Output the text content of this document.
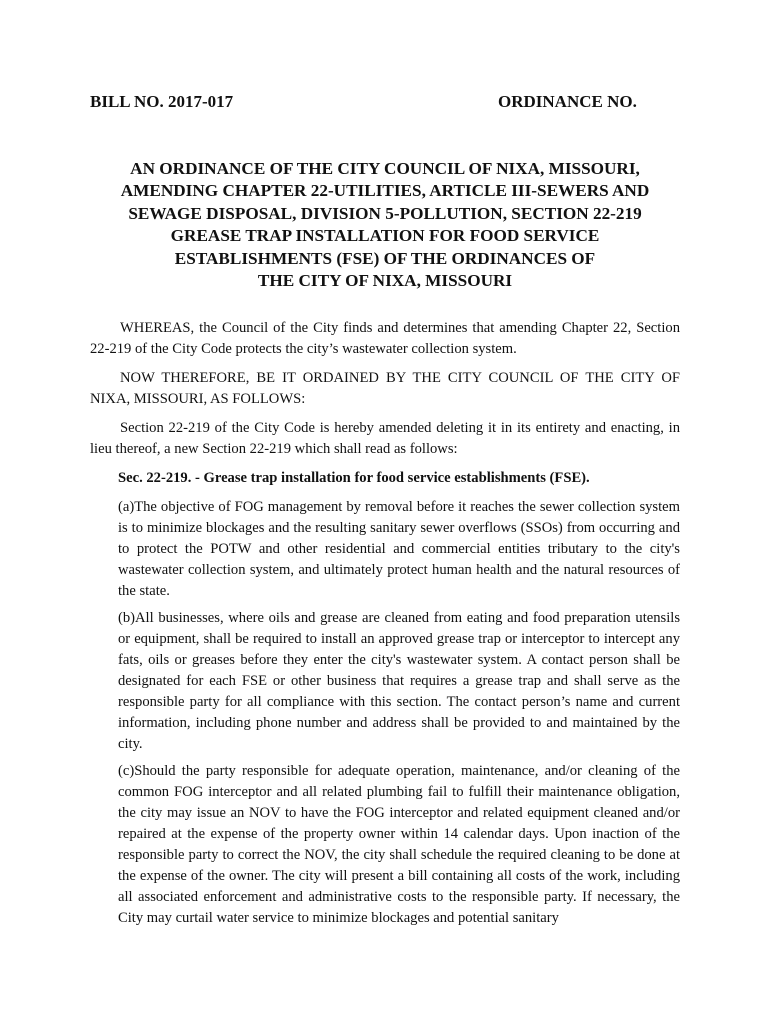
BILL NO. 2017-017	ORDINANCE NO.
AN ORDINANCE OF THE CITY COUNCIL OF NIXA, MISSOURI,
AMENDING CHAPTER 22-UTILITIES, ARTICLE III-SEWERS AND
SEWAGE DISPOSAL, DIVISION 5-POLLUTION, SECTION 22-219
GREASE TRAP INSTALLATION FOR FOOD SERVICE
ESTABLISHMENTS (FSE) OF THE ORDINANCES OF
THE CITY OF NIXA, MISSOURI

WHEREAS, the Council of the City finds and determines that amending Chapter 22, Section 22-219 of the City Code protects the city’s wastewater collection system.

NOW THEREFORE, BE IT ORDAINED BY THE CITY COUNCIL OF THE CITY OF NIXA, MISSOURI, AS FOLLOWS:

Section 22-219 of the City Code is hereby amended deleting it in its entirety and enacting, in lieu thereof, a new Section 22-219 which shall read as follows:

Sec. 22-219. - Grease trap installation for food service establishments (FSE).

(a)The objective of FOG management by removal before it reaches the sewer collection system is to minimize blockages and the resulting sanitary sewer overflows (SSOs) from occurring and to protect the POTW and other residential and commercial entities tributary to the city's wastewater collection system, and ultimately protect human health and the natural resources of the state.

(b)All businesses, where oils and grease are cleaned from eating and food preparation utensils or equipment, shall be required to install an approved grease trap or interceptor to intercept any fats, oils or greases before they enter the city's wastewater system. A contact person shall be designated for each FSE or other business that requires a grease trap and shall serve as the responsible party for all compliance with this section. The contact person’s name and current information, including phone number and address shall be provided to and maintained by the city.

(c)Should the party responsible for adequate operation, maintenance, and/or cleaning of the common FOG interceptor and all related plumbing fail to fulfill their maintenance obligation, the city may issue an NOV to have the FOG interceptor and related equipment cleaned and/or repaired at the expense of the property owner within 14 calendar days. Upon inaction of the responsible party to correct the NOV, the city shall schedule the required cleaning to be done at the expense of the owner. The city will present a bill containing all costs of the work, including all associated enforcement and administrative costs to the responsible party. If necessary, the City may curtail water service to minimize blockages and potential sanitary
